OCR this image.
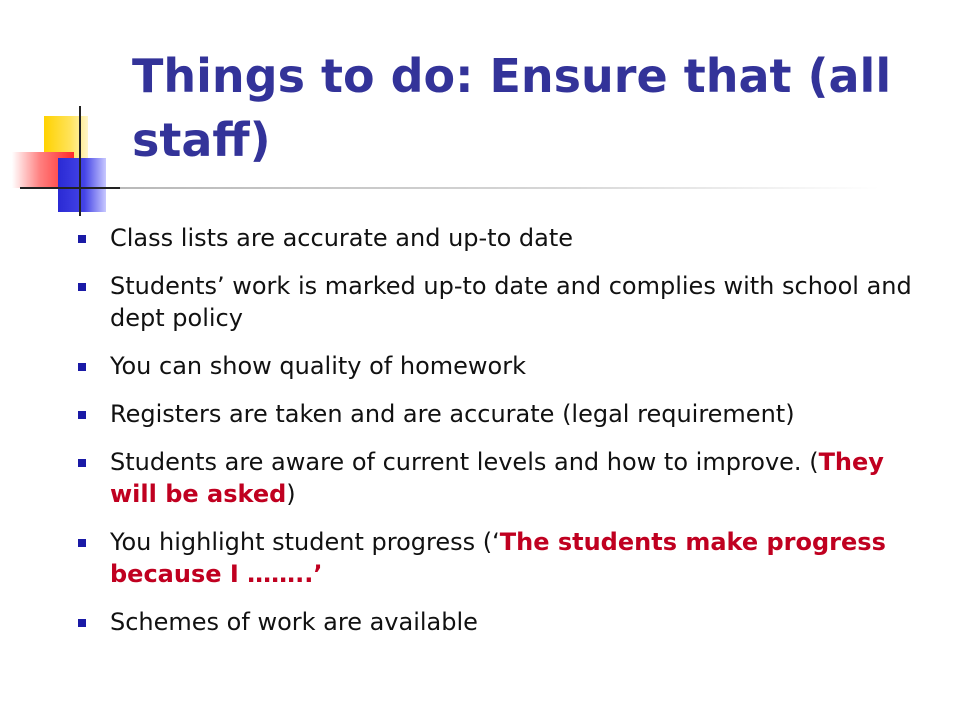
Things to do: Ensure that (all staff)
Class lists are accurate and up-to date
Students’ work is marked up-to date and complies with school and dept policy
You can show quality of homework
Registers are taken and are accurate (legal requirement)
Students are aware of current levels and how to improve. (They will be asked)
You highlight student progress (‘The students make progress because I ……..’
Schemes of work are available
